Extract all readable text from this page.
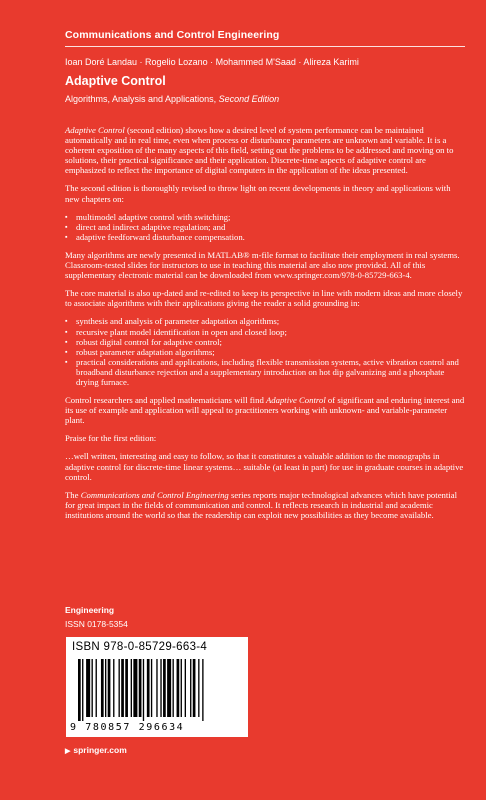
Communications and Control Engineering
Ioan Doré Landau · Rogelio Lozano · Mohammed M'Saad · Alireza Karimi
Adaptive Control
Algorithms, Analysis and Applications, Second Edition

Adaptive Control (second edition) shows how a desired level of system performance can be maintained automatically and in real time, even when process or disturbance parameters are unknown and variable. It is a coherent exposition of the many aspects of this field, setting out the problems to be addressed and moving on to solutions, their practical significance and their application. Discrete-time aspects of adaptive control are emphasized to reflect the importance of digital computers in the application of the ideas presented.

The second edition is thoroughly revised to throw light on recent developments in theory and applications with new chapters on:

▪ multimodel adaptive control with switching;
▪ direct and indirect adaptive regulation; and
▪ adaptive feedforward disturbance compensation.

Many algorithms are newly presented in MATLAB® m-file format to facilitate their employment in real systems. Classroom-tested slides for instructors to use in teaching this material are also now provided. All of this supplementary electronic material can be downloaded from www.springer.com/978-0-85729-663-4.

The core material is also up-dated and re-edited to keep its perspective in line with modern ideas and more closely to associate algorithms with their applications giving the reader a solid grounding in:

▪ synthesis and analysis of parameter adaptation algorithms;
▪ recursive plant model identification in open and closed loop;
▪ robust digital control for adaptive control;
▪ robust parameter adaptation algorithms;
▪ practical considerations and applications, including flexible transmission systems, active vibration control and broadband disturbance rejection and a supplementary introduction on hot dip galvanizing and a phosphate drying furnace.

Control researchers and applied mathematicians will find Adaptive Control of significant and enduring interest and its use of example and application will appeal to practitioners working with unknown- and variable-parameter plant.

Praise for the first edition:

…well written, interesting and easy to follow, so that it constitutes a valuable addition to the monographs in adaptive control for discrete-time linear systems… suitable (at least in part) for use in graduate courses in adaptive control.

The Communications and Control Engineering series reports major technological advances which have potential for great impact in the fields of communication and control. It reflects research in industrial and academic institutions around the world so that the readership can exploit new possibilities as they become available.

Engineering
ISSN 0178-5354
ISBN 978-0-85729-663-4
9 780857 296634
▶ springer.com
